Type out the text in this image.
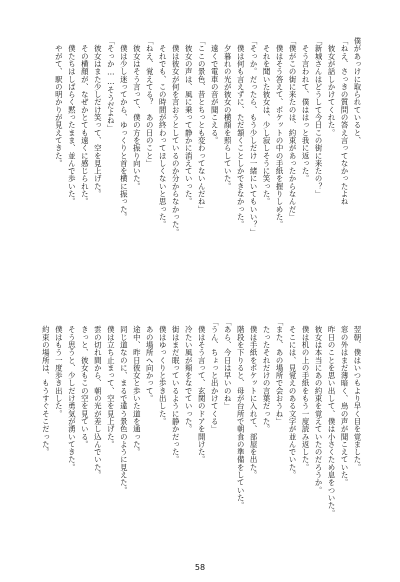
僕があっけに取られていると、
「ねえ、さっきの質問の答え言ってなかったよね
　彼女が話しかけてくれた。
「新城さんはどうして今日この街に来たの？」
　そう言われて、僕ははっと我に返った。
「僕がこの街に来たのは、約束があったからなんだ」
　僕はそう答えて、ポケットの中の手紙を握りしめた。
　それを聞いた彼女は、少し寂しそうに笑った。
「そっか。だったら、もう少しだけ一緒にいてもいい？」
　僕は何も言えずに、ただ頷くことしかできなかった。
　夕暮れの光が彼女の横顔を照らしていた。
　遠くで電車の音が聞こえる。
「ここの景色、昔とちっとも変わってないんだね」
　彼女の声は、風に乗って静かに消えていった。
　僕は彼女が何を言おうとしているのか分からなかった。
　それでも、この時間が終わってほしくないと思った。
「ねえ、覚えてる？　あの日のこと」
　彼女はそう言って、僕の方を振り向いた。
　僕は少し迷ってから、ゆっくりと首を横に振った。
「そっか……そうだよね」
　彼女はまた少しだけ笑って、空を見上げた。
　その横顔が、なぜかとても遠くに感じられた。
　僕たちはしばらく黙ったまま、並んで歩いた。
　やがて、駅の明かりが見えてきた。
　翌朝、僕はいつもより早く目を覚ました。
　窓の外はまだ薄暗く、鳥の声が聞こえていた。
　昨日のことを思い出して、僕は小さくため息をついた。
　彼女は本当にあの約束を覚えていたのだろうか。
　僕は机の上の手紙をもう一度読み返した。
　そこには、見覚えのある文字が並んでいた。
「また、あの場所で会おうね」
　たったそれだけの言葉だった。
　僕は手紙をポケットに入れて、部屋を出た。
　階段を下りると、母が台所で朝食の準備をしていた。
「あら、今日は早いのね」
「うん、ちょっと出かけてくる」
　僕はそう言って、玄関のドアを開けた。
　冷たい風が頬をなでていった。
　街はまだ眠っているように静かだった。
　僕はゆっくりと歩き出した。
　あの場所へ向かって。
　途中、昨日彼女と歩いた道を通った。
　同じ道なのに、まるで違う景色のように見えた。
　僕は立ち止まって、空を見上げた。
　雲の切れ間から、朝の光が差し込んでいた。
　きっと、彼女もこの空を見ている。
　そう思うと、少しだけ勇気が湧いてきた。
　僕はもう一度歩き出した。
　約束の場所は、もうすぐそこだった。
58
